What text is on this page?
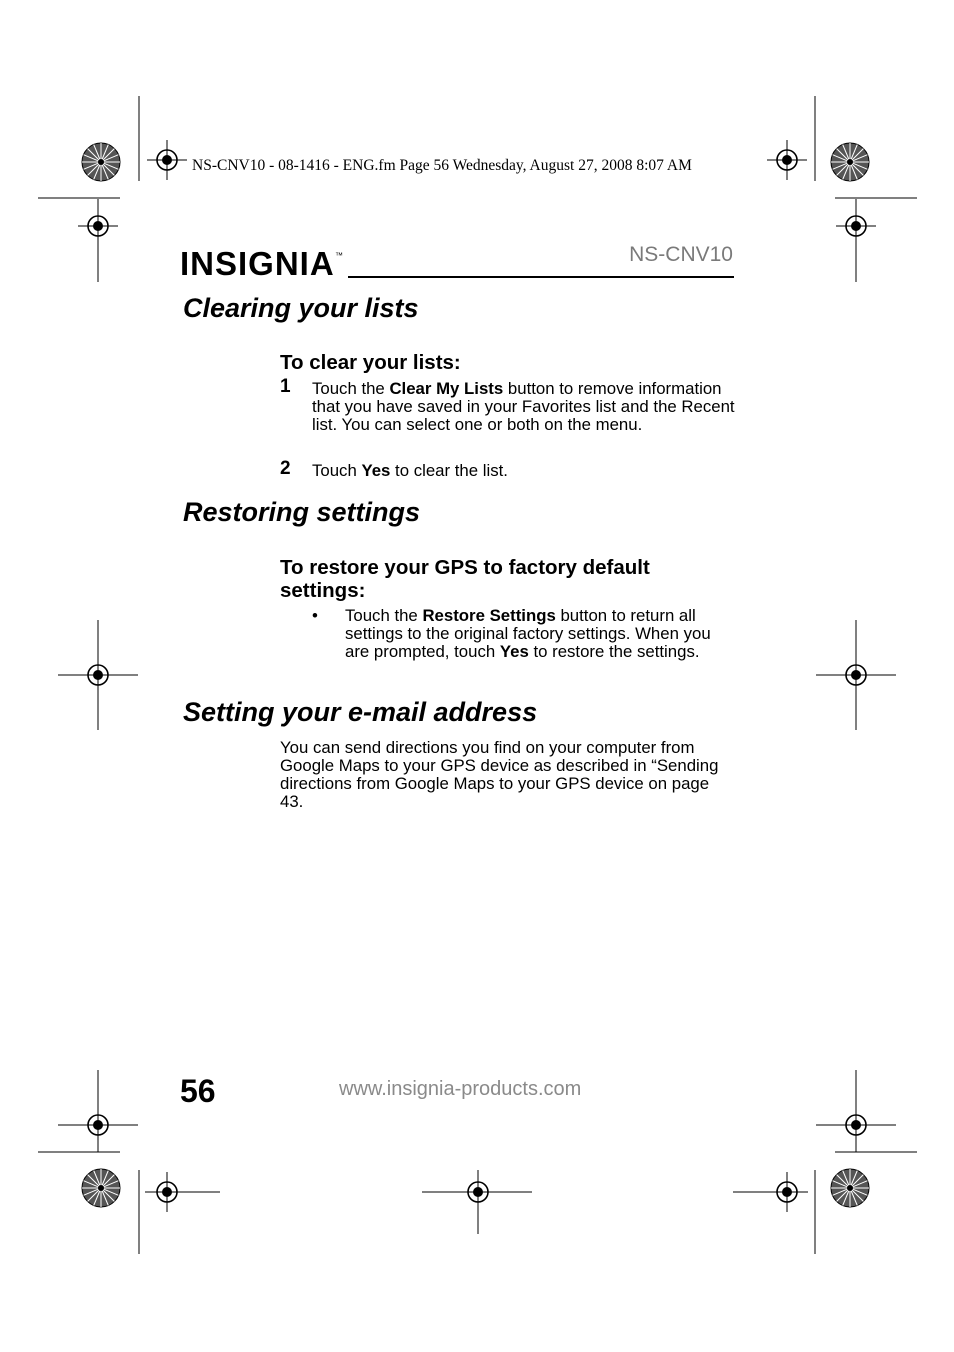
NS-CNV10 - 08-1416 - ENG.fm Page 56 Wednesday, August 27, 2008 8:07 AM
INSIGNIA ™	NS-CNV10
Clearing your lists
To clear your lists:
1 Touch the Clear My Lists button to remove information that you have saved in your Favorites list and the Recent list. You can select one or both on the menu.

2 Touch Yes to clear the list.

Restoring settings
To restore your GPS to factory default settings:
• Touch the Restore Settings button to return all settings to the original factory settings. When you are prompted, touch Yes to restore the settings.

Setting your e-mail address

You can send directions you find on your computer from Google Maps to your GPS device as described in “Sending directions from Google Maps to your GPS device on page 43.

56	www.insignia-products.com
